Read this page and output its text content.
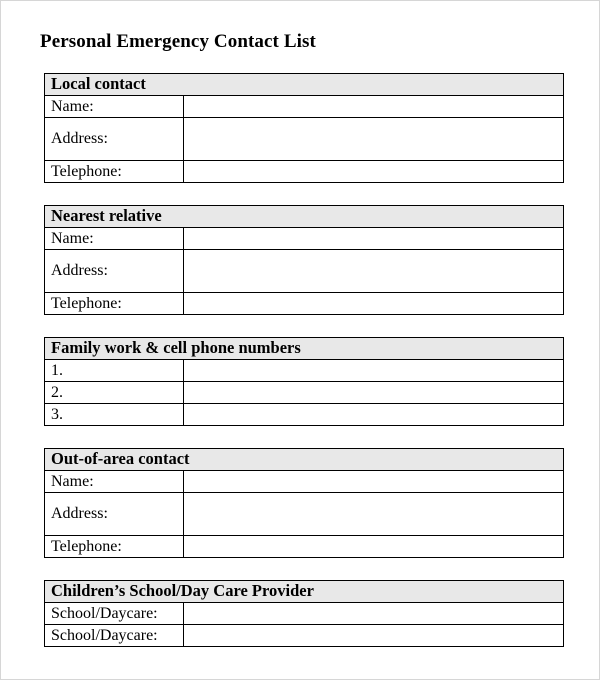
Personal Emergency Contact List
Local contact	
Name:	
Address:	
Telephone:	
Nearest relative	
Name:	
Address:	
Telephone:	
Family work & cell phone numbers	
1.	
2.	
3.	
Out-of-area contact	
Name:	
Address:	
Telephone:	
Children’s School/Day Care Provider	
School/Daycare:	
School/Daycare:	
